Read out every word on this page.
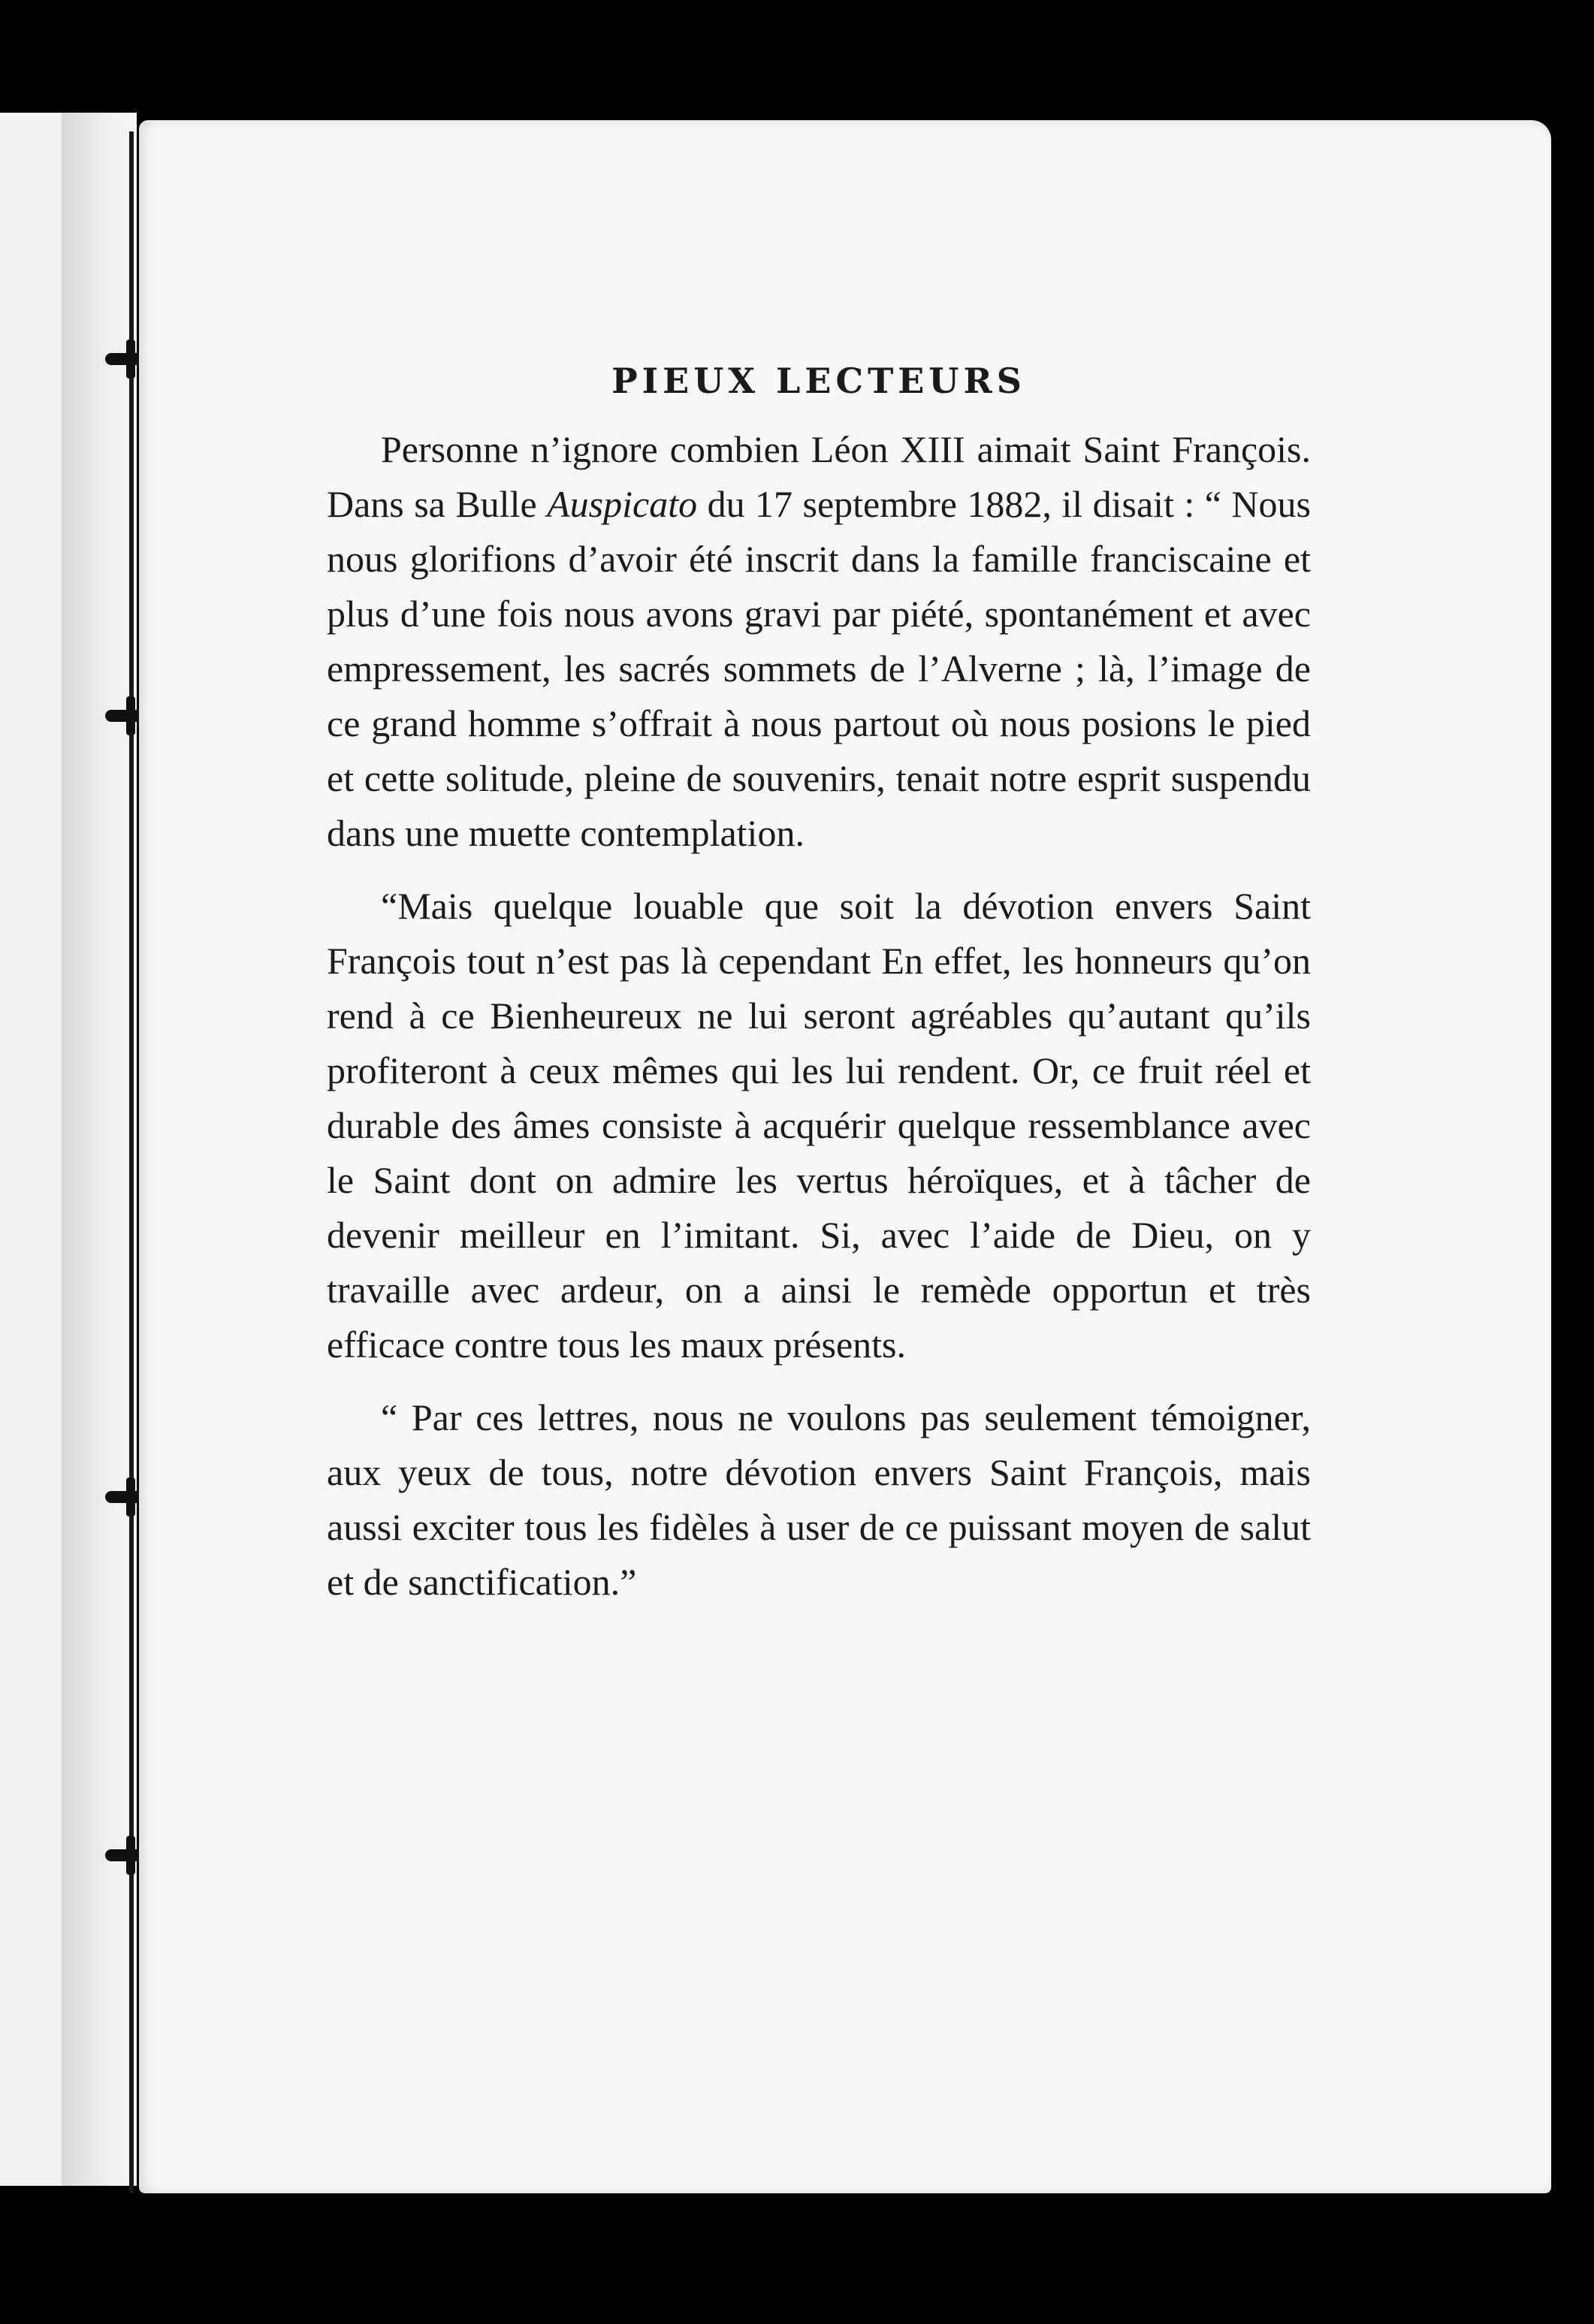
PIEUX LECTEURS

Personne n’ignore combien Léon XIII aimait Saint François. Dans sa Bulle Auspicato du 17 septembre 1882, il disait : “ Nous nous glorifions d’avoir été inscrit dans la famille franciscaine et plus d’une fois nous avons gravi par piété, spontanément et avec empressement, les sacrés sommets de l’Alverne ; là, l’image de ce grand homme s’offrait à nous partout où nous posions le pied et cette solitude, pleine de souvenirs, tenait notre esprit suspendu dans une muette contemplation.

“Mais quelque louable que soit la dévotion envers Saint François tout n’est pas là cependant En effet, les honneurs qu’on rend à ce Bienheureux ne lui seront agréables qu’autant qu’ils profiteront à ceux mêmes qui les lui rendent. Or, ce fruit réel et durable des âmes consiste à acquérir quelque ressemblance avec le Saint dont on admire les vertus héroïques, et à tâcher de devenir meilleur en l’imitant. Si, avec l’aide de Dieu, on y travaille avec ardeur, on a ainsi le remède opportun et très efficace contre tous les maux présents.

“ Par ces lettres, nous ne voulons pas seulement témoigner, aux yeux de tous, notre dévotion envers Saint François, mais aussi exciter tous les fidèles à user de ce puissant moyen de salut et de sanctification.”
